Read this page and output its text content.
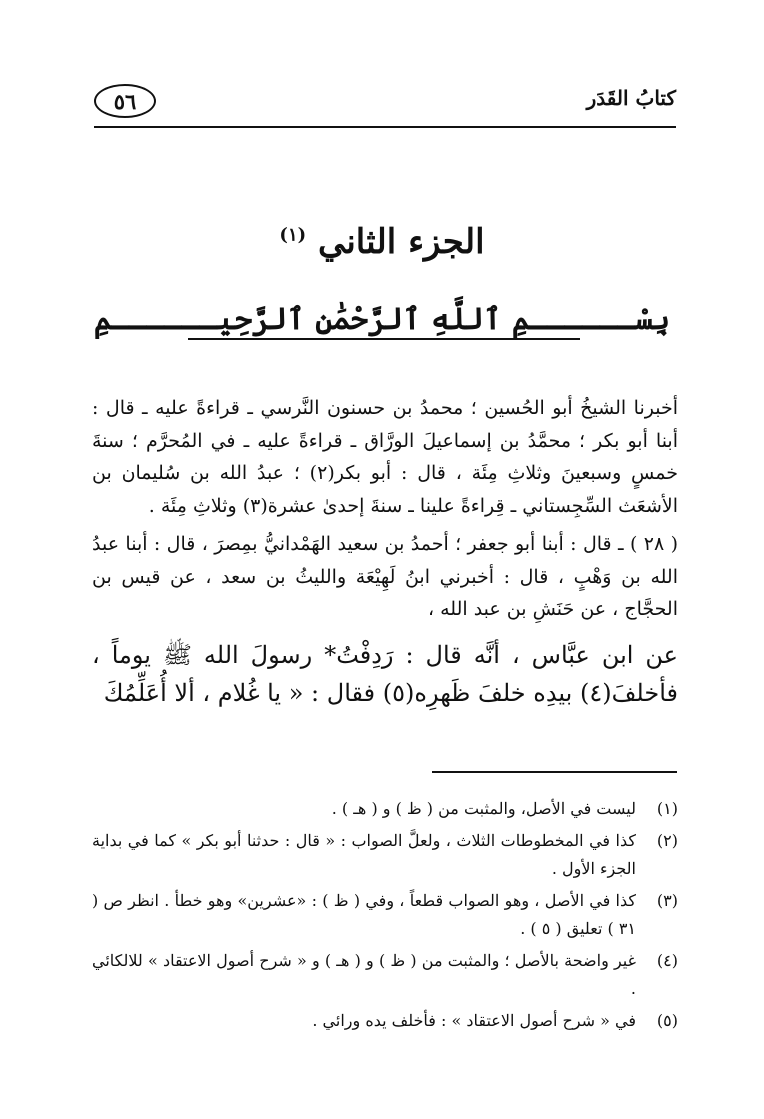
كتابُ القَدَر
٥٦
الجزء الثاني $^{(١)}$
بِسْــــــمِ ٱللَّهِ ٱلرَّحْمَٰنِ ٱلرَّحِيــــــمِ

أخبرنا الشيخُ أبو الحُسين ؛ محمدُ بن حسنون النَّرسي ـ قراءةً عليه ـ قال : أبنا أبو بكر ؛ محمَّدُ بن إسماعيلَ الورَّاق ـ قراءةً عليه ـ في المُحرَّم ؛ سنةَ خمسٍ وسبعينَ وثلاثِ مِئَة ، قال : أبو بكر(٢) ؛ عبدُ الله بن سُليمان بن الأشعَث السِّجِستاني ـ قِراءةً علينا ـ سنةَ إحدىٰ عشرة(٣) وثلاثِ مِئَة .

( ٢٨ ) ـ قال : أبنا أبو جعفر ؛ أحمدُ بن سعيد الهَمْدانيُّ بمِصرَ ، قال : أبنا عبدُ الله بن وَهْبٍ ، قال : أخبرني ابنُ لَهِيْعَة والليثُ بن سعد ، عن قيس بن الحجَّاج ، عن حَنَشِ بن عبد الله ،

عن ابن عبَّاس ، أنَّه قال : رَدِفْتُ* رسولَ الله ﷺ يوماً ، فأخلفَ(٤) بيدِه خلفَ ظَهرِه(٥) فقال : « يا غُلام ، ألا أُعَلِّمُكَ

(١)
ليست في الأصل، والمثبت من ( ظ ) و ( هـ ) .
(٢)
كذا في المخطوطات الثلاث ، ولعلَّ الصواب : « قال : حدثنا أبو بكر » كما في بداية الجزء الأول .
(٣)
كذا في الأصل ، وهو الصواب قطعاً ، وفي ( ظ ) : «عشرين» وهو خطأ . انظر ص ( ٣١ ) تعليق ( ٥ ) .
(٤)
غير واضحة بالأصل ؛ والمثبت من ( ظ ) و ( هـ ) و « شرح أصول الاعتقاد » للالكائي .
(٥)
في « شرح أصول الاعتقاد » : فأخلف يده ورائي .
